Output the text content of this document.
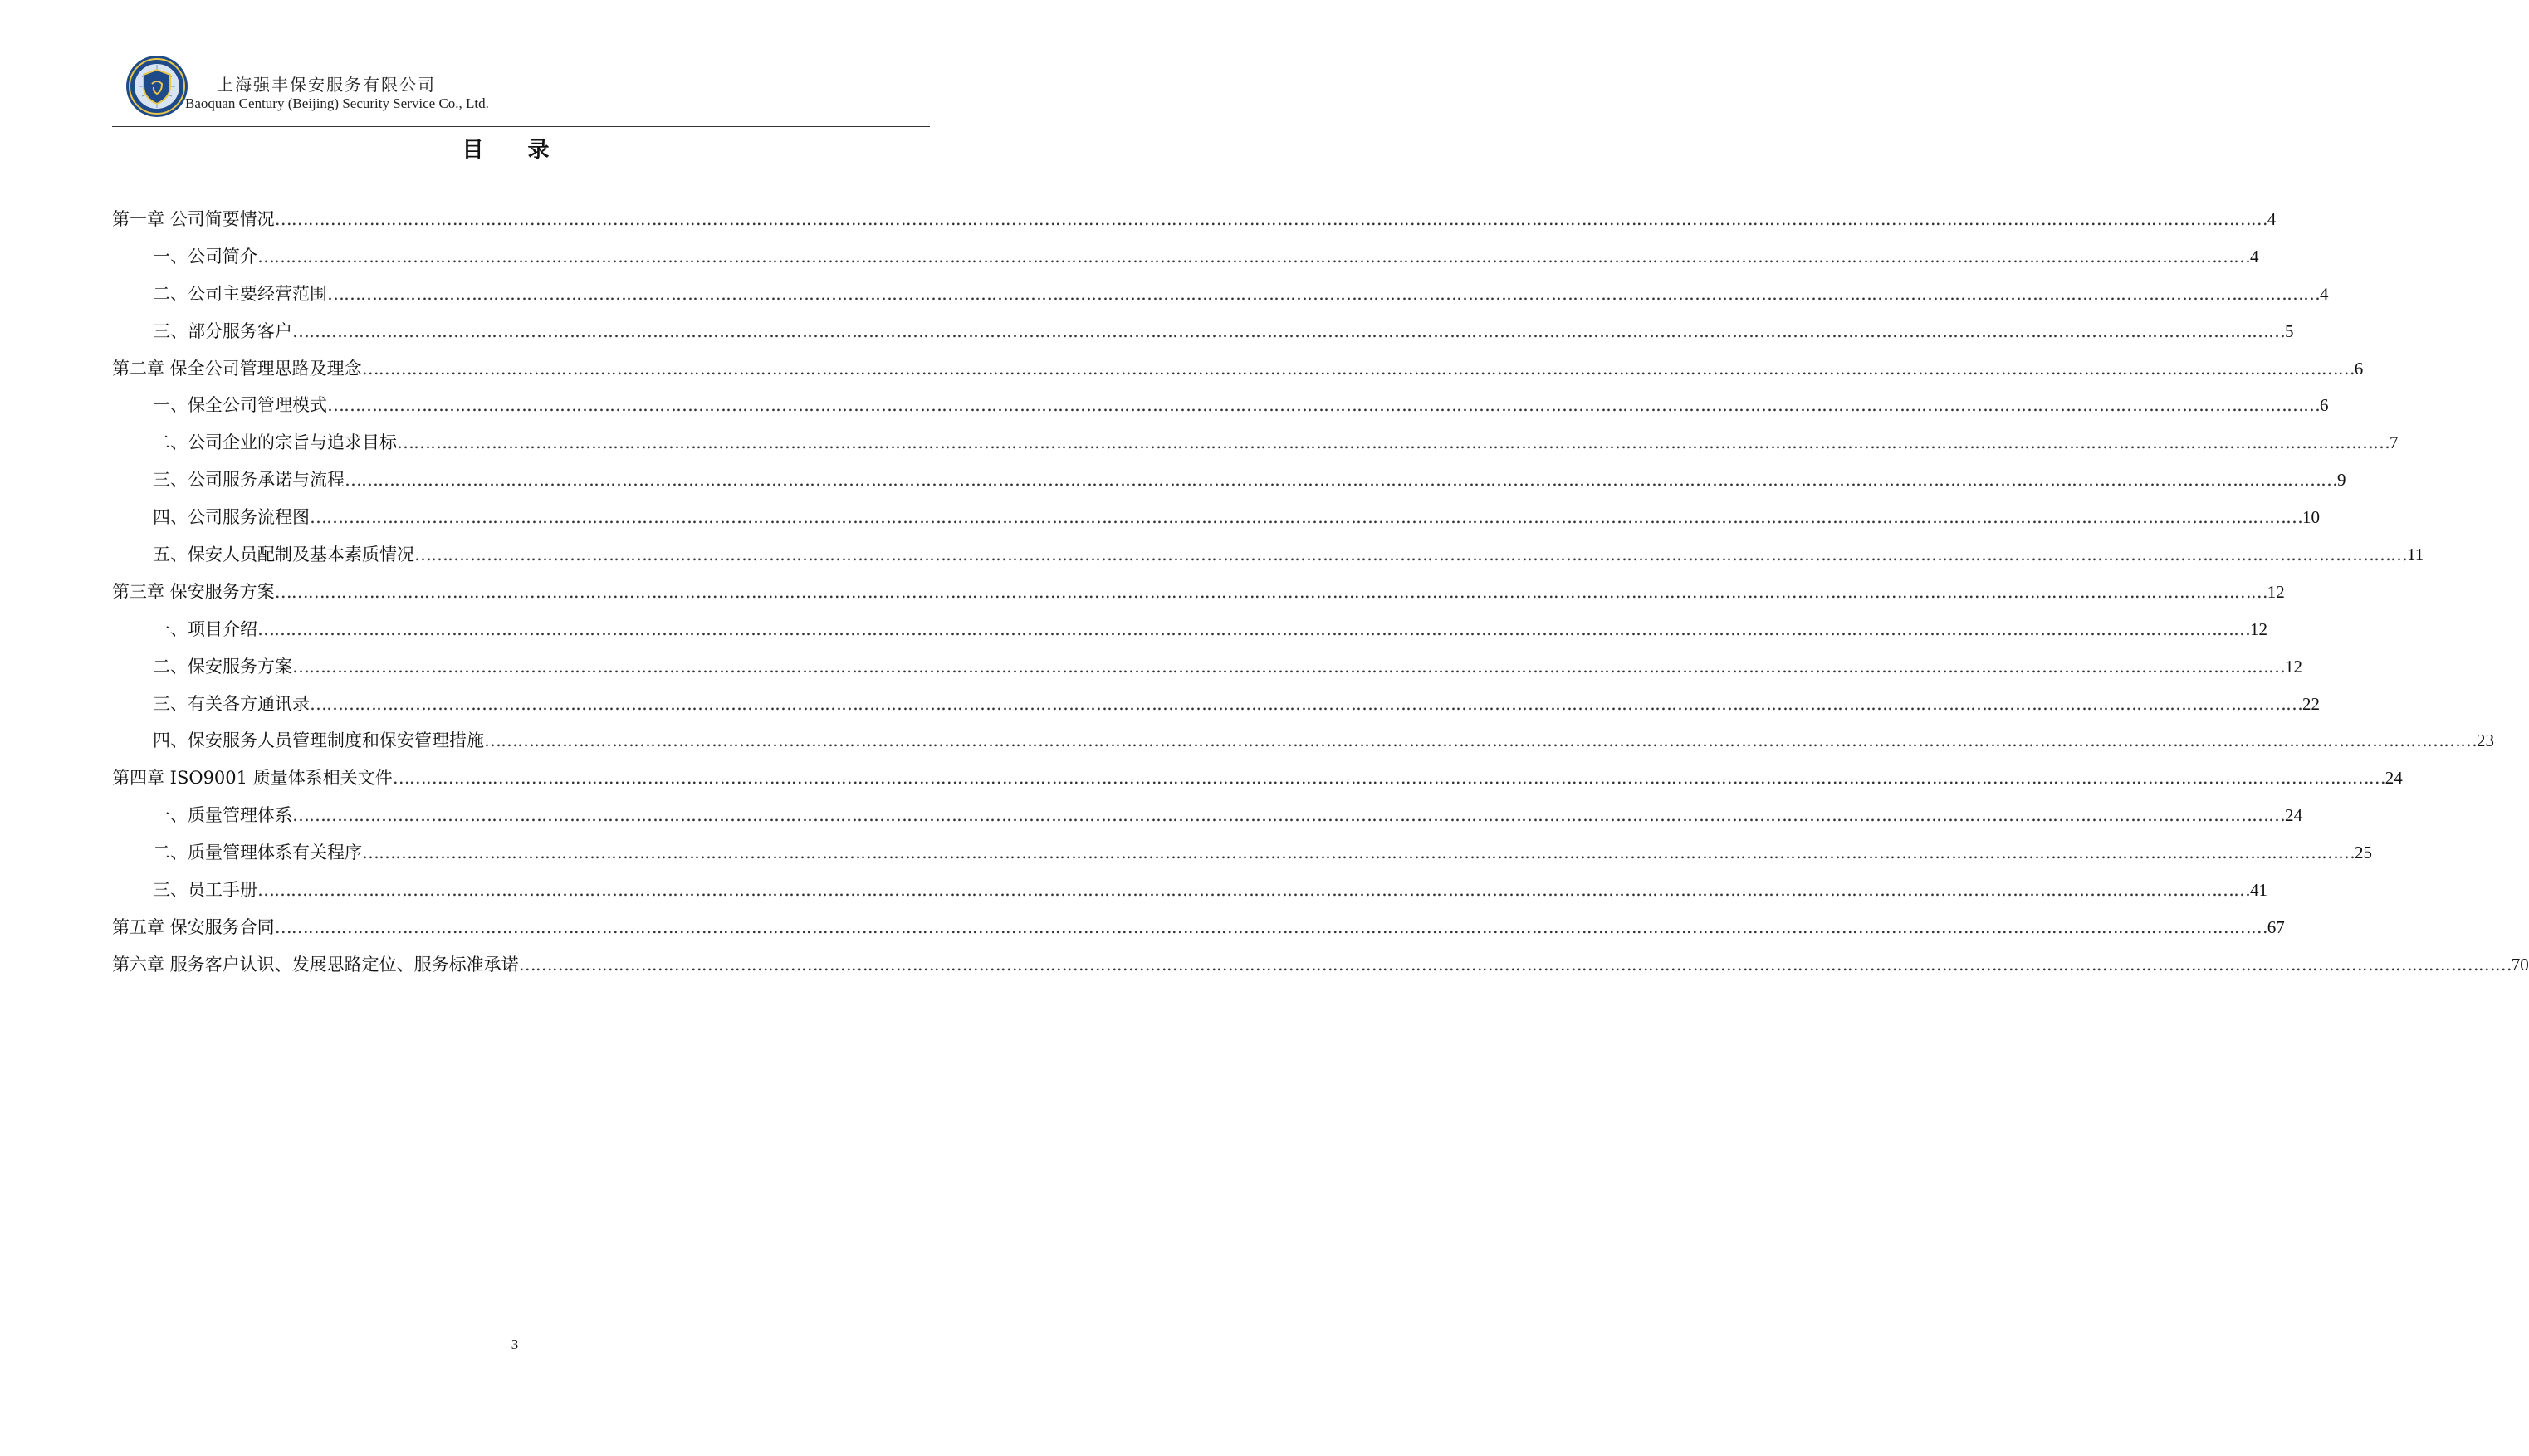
上海强丰保安服务有限公司
Baoquan Century (Beijing) Security Service Co., Ltd.
目 录
第一章 公司简要情况 ……………………………………………………………………………………………………………………………………………………………………………………………………………………………………………………………………………………………………………………………… 4
一、公司简介 ……………………………………………………………………………………………………………………………………………………………………………………………………………………………………………………………………………………………………………………………… 4
二、公司主要经营范围 ……………………………………………………………………………………………………………………………………………………………………………………………………………………………………………………………………………………………………………………………… 4
三、部分服务客户 ……………………………………………………………………………………………………………………………………………………………………………………………………………………………………………………………………………………………………………………………… 5
第二章 保全公司管理思路及理念 ……………………………………………………………………………………………………………………………………………………………………………………………………………………………………………………………………………………………………………………………… 6
一、保全公司管理模式 ……………………………………………………………………………………………………………………………………………………………………………………………………………………………………………………………………………………………………………………………… 6
二、公司企业的宗旨与追求目标 ……………………………………………………………………………………………………………………………………………………………………………………………………………………………………………………………………………………………………………………………… 7
三、公司服务承诺与流程 ……………………………………………………………………………………………………………………………………………………………………………………………………………………………………………………………………………………………………………………………… 9
四、公司服务流程图 ……………………………………………………………………………………………………………………………………………………………………………………………………………………………………………………………………………………………………………………………… 10
五、保安人员配制及基本素质情况 ……………………………………………………………………………………………………………………………………………………………………………………………………………………………………………………………………………………………………………………………… 11
第三章 保安服务方案 ……………………………………………………………………………………………………………………………………………………………………………………………………………………………………………………………………………………………………………………………… 12
一、项目介绍 ……………………………………………………………………………………………………………………………………………………………………………………………………………………………………………………………………………………………………………………………… 12
二、保安服务方案 ……………………………………………………………………………………………………………………………………………………………………………………………………………………………………………………………………………………………………………………………… 12
三、有关各方通讯录 ……………………………………………………………………………………………………………………………………………………………………………………………………………………………………………………………………………………………………………………………… 22
四、保安服务人员管理制度和保安管理措施 ……………………………………………………………………………………………………………………………………………………………………………………………………………………………………………………………………………………………………………………………… 23
第四章 ISO9001 质量体系相关文件 ……………………………………………………………………………………………………………………………………………………………………………………………………………………………………………………………………………………………………………………………… 24
一、质量管理体系 ……………………………………………………………………………………………………………………………………………………………………………………………………………………………………………………………………………………………………………………………… 24
二、质量管理体系有关程序 ……………………………………………………………………………………………………………………………………………………………………………………………………………………………………………………………………………………………………………………………… 25
三、员工手册 ……………………………………………………………………………………………………………………………………………………………………………………………………………………………………………………………………………………………………………………………… 41
第五章 保安服务合同 ……………………………………………………………………………………………………………………………………………………………………………………………………………………………………………………………………………………………………………………………… 67
第六章 服务客户认识、发展思路定位、服务标准承诺 ……………………………………………………………………………………………………………………………………………………………………………………………………………………………………………………………………………………………………………………………… 70
3
